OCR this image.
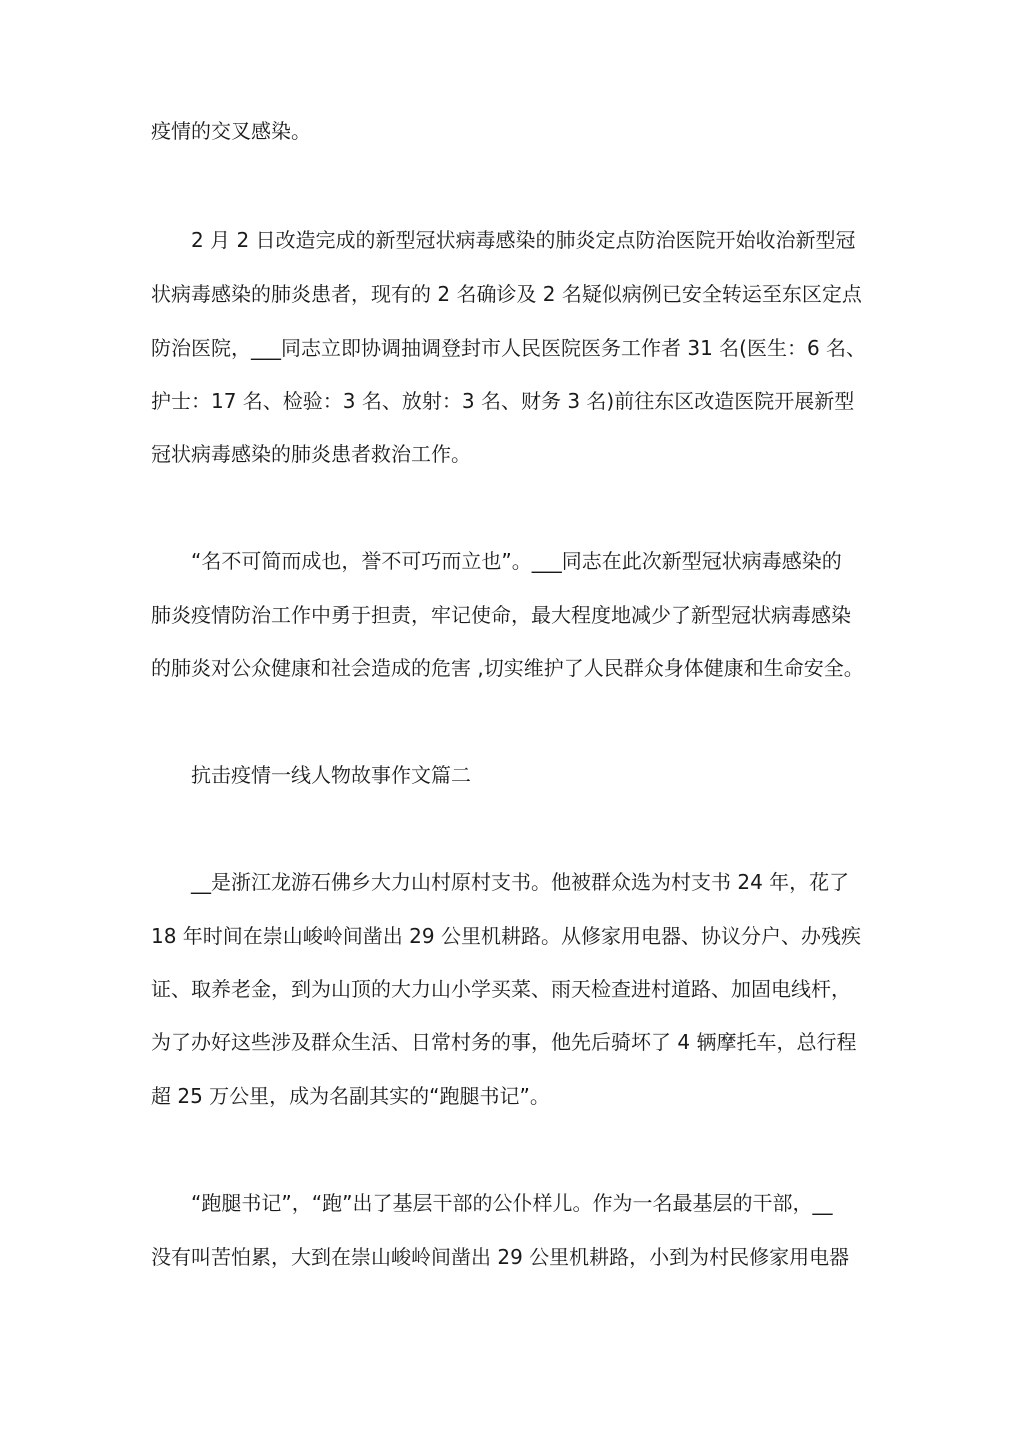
疫情的交叉感染。
2 月 2 日改造完成的新型冠状病毒感染的肺炎定点防治医院开始收治新型冠
状病毒感染的肺炎患者，现有的 2 名确诊及 2 名疑似病例已安全转运至东区定点
防治医院，___同志立即协调抽调登封市人民医院医务工作者 31 名(医生：6 名、
护士：17 名、检验：3 名、放射：3 名、财务 3 名)前往东区改造医院开展新型
冠状病毒感染的肺炎患者救治工作。
“名不可简而成也，誉不可巧而立也”。___同志在此次新型冠状病毒感染的
肺炎疫情防治工作中勇于担责，牢记使命，最大程度地减少了新型冠状病毒感染
的肺炎对公众健康和社会造成的危害 ,切实维护了人民群众身体健康和生命安全。
抗击疫情一线人物故事作文篇二
__是浙江龙游石佛乡大力山村原村支书。他被群众选为村支书 24 年，花了
18 年时间在崇山峻岭间凿出 29 公里机耕路。从修家用电器、协议分户、办残疾
证、取养老金，到为山顶的大力山小学买菜、雨天检查进村道路、加固电线杆，
为了办好这些涉及群众生活、日常村务的事，他先后骑坏了 4 辆摩托车，总行程
超 25 万公里，成为名副其实的“跑腿书记”。
“跑腿书记”，“跑”出了基层干部的公仆样儿。作为一名最基层的干部，__
没有叫苦怕累，大到在崇山峻岭间凿出 29 公里机耕路，小到为村民修家用电器
